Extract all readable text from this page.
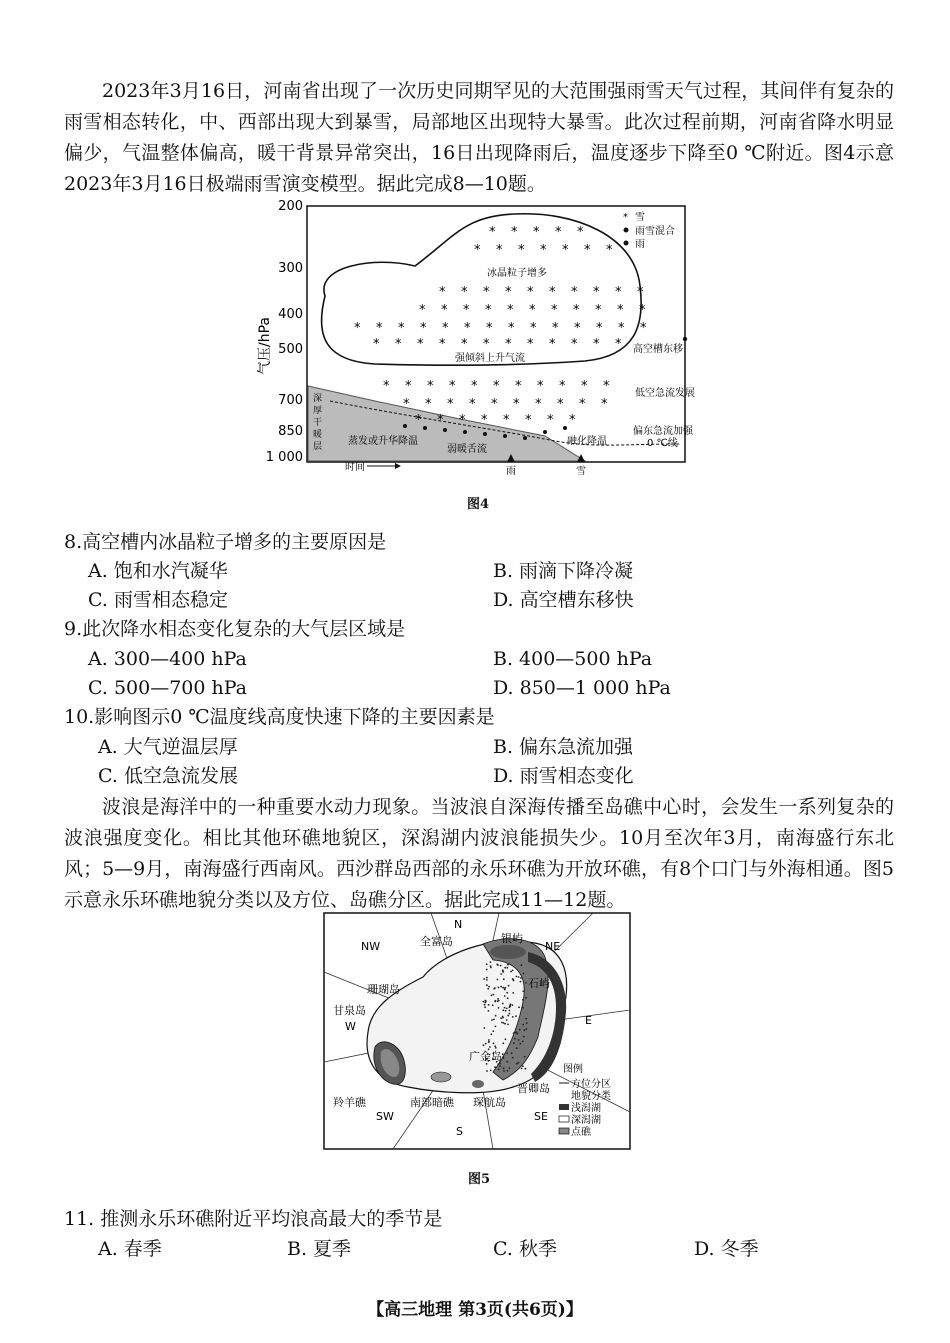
2023年3月16日，河南省出现了一次历史同期罕见的大范围强雨雪天气过程，其间伴有复杂的雨雪相态转化，中、西部出现大到暴雪，局部地区出现特大暴雪。此次过程前期，河南省降水明显偏少，气温整体偏高，暖干背景异常突出，16日出现降雨后，温度逐步下降至0 ℃附近。图4示意2023年3月16日极端雨雪演变模型。据此完成8—10题。

气压/hPa
200
300
400
500
700
850
1 000
* * * * *
* * * * * * *
* * * * * * * * * *
* * * * * * * * * * *
* * * * * * * * * * * * * *
* * * * * * * * * * * *
* * * * * * * * * * *
* * * * * * * * * *
* * * * * * * *
冰晶粒子增多
强倾斜上升气流
高空槽东移
低空急流发展
偏东急流加强
0 ℃线
深
厚
干
暖
层	蒸发或升华降温
弱暖舌流
融化降温
雨	雪
时间
* 雪
雨雪混合
雨
图4
8.高空槽内冰晶粒子增多的主要原因是
A. 饱和水汽凝华	B. 雨滴下降冷凝
C. 雨雪相态稳定	D. 高空槽东移快
9.此次降水相态变化复杂的大气层区域是
A. 300—400 hPa	B. 400—500 hPa
C. 500—700 hPa	D. 850—1 000 hPa
10.影响图示0 ℃温度线高度快速下降的主要因素是
A. 大气逆温层厚	B. 偏东急流加强
C. 低空急流发展	D. 雨雪相态变化

波浪是海洋中的一种重要水动力现象。当波浪自深海传播至岛礁中心时，会发生一系列复杂的波浪强度变化。相比其他环礁地貌区，深潟湖内波浪能损失少。10月至次年3月，南海盛行东北风；5—9月，南海盛行西南风。西沙群岛西部的永乐环礁为开放环礁，有8个口门与外海相通。图5示意永乐环礁地貌分类以及方位、岛礁分区。据此完成11—12题。

N
NE
E
SE
S
SW
W
NW	全富岛	银屿
珊瑚岛	石屿
甘泉岛
广金岛
羚羊礁	南部暗礁 琛航岛
晋卿岛
图例
方位分区
地貌分类
浅潟湖
深潟湖
点礁
图5
11. 推测永乐环礁附近平均浪高最大的季节是
A. 春季	B. 夏季	C. 秋季	D. 冬季
【高三地理 第3页(共6页)】
